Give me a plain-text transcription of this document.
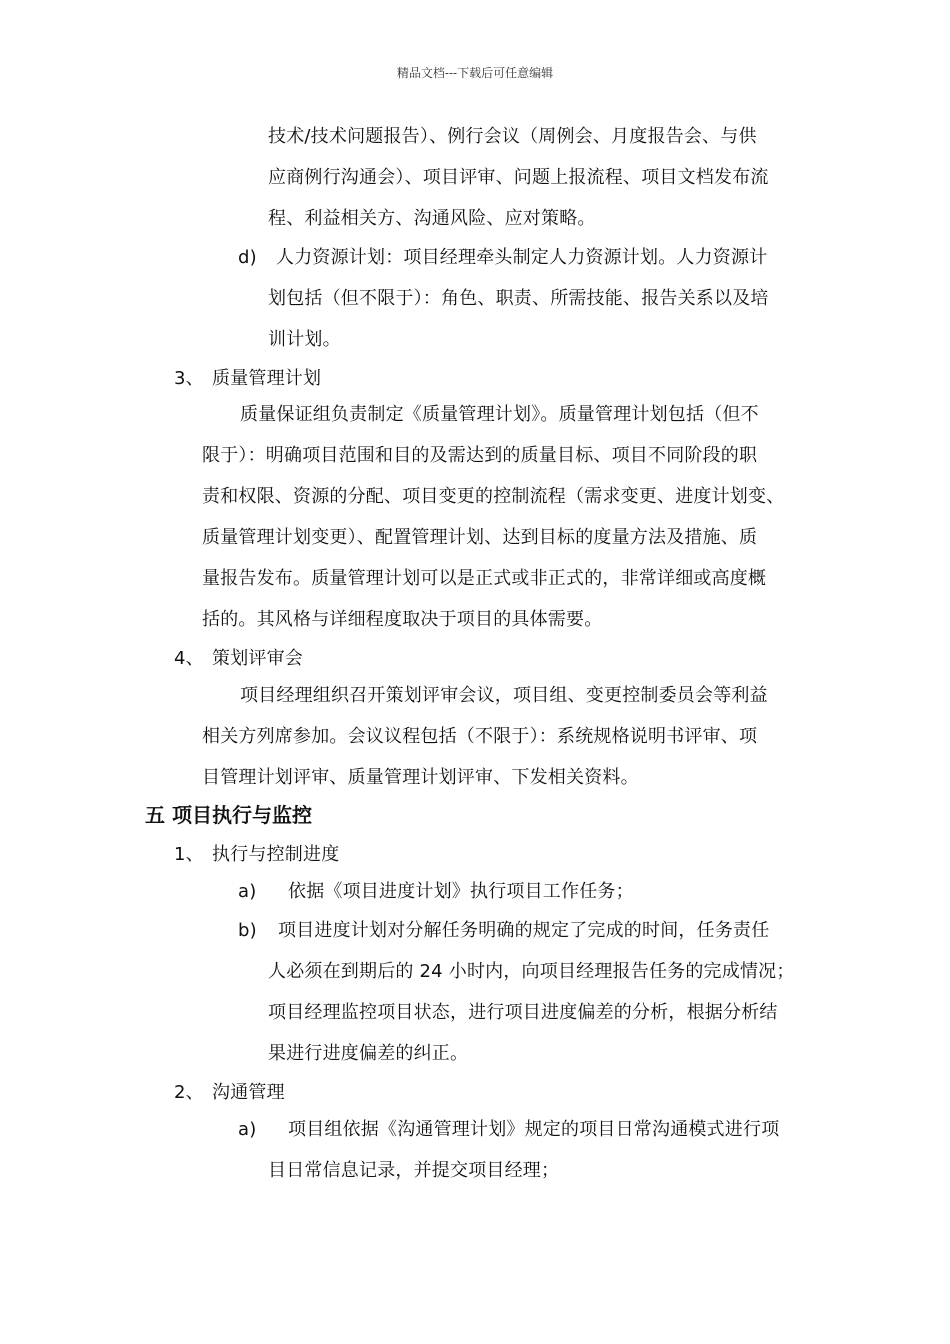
精品文档---下载后可任意编辑
技术/技术问题报告）、例行会议（周例会、月度报告会、与供
应商例行沟通会）、项目评审、问题上报流程、项目文档发布流
程、利益相关方、沟通风险、应对策略。
d) 人力资源计划：项目经理牵头制定人力资源计划。人力资源计
划包括（但不限于）：角色、职责、所需技能、报告关系以及培
训计划。
3、 质量管理计划
质量保证组负责制定《质量管理计划》。质量管理计划包括（但不
限于）：明确项目范围和目的及需达到的质量目标、项目不同阶段的职
责和权限、资源的分配、项目变更的控制流程（需求变更、进度计划变、
质量管理计划变更）、配置管理计划、达到目标的度量方法及措施、质
量报告发布。质量管理计划可以是正式或非正式的，非常详细或高度概
括的。其风格与详细程度取决于项目的具体需要。
4、 策划评审会
项目经理组织召开策划评审会议，项目组、变更控制委员会等利益
相关方列席参加。会议议程包括（不限于）：系统规格说明书评审、项
目管理计划评审、质量管理计划评审、下发相关资料。
五 项目执行与监控
1、 执行与控制进度
a) 依据《项目进度计划》执行项目工作任务；
b) 项目进度计划对分解任务明确的规定了完成的时间，任务责任
人必须在到期后的 24 小时内，向项目经理报告任务的完成情况；
项目经理监控项目状态，进行项目进度偏差的分析，根据分析结
果进行进度偏差的纠正。
2、 沟通管理
a) 项目组依据《沟通管理计划》规定的项目日常沟通模式进行项
目日常信息记录，并提交项目经理；
